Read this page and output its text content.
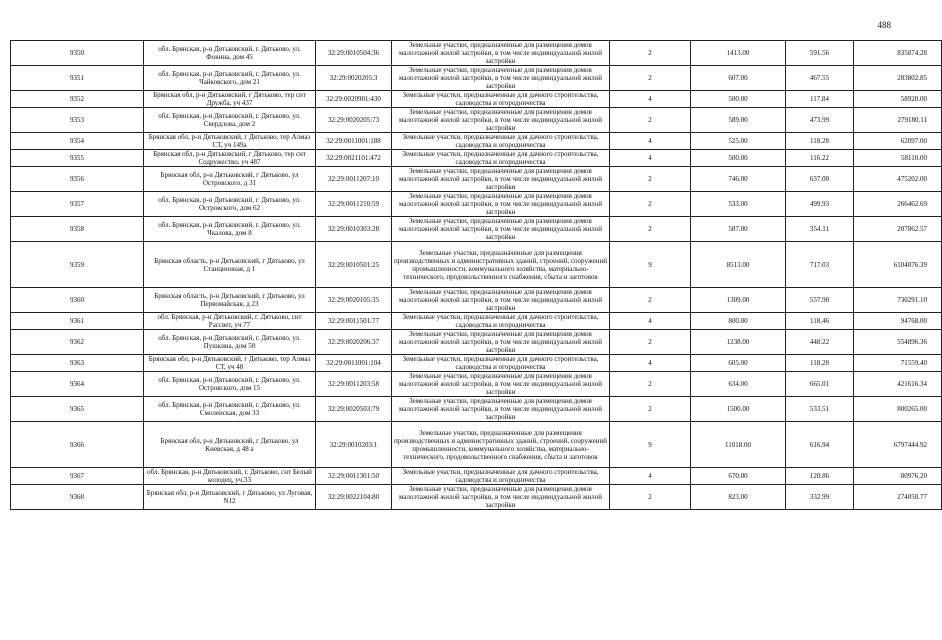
488
9350	обл. Брянская, р-н Дятьковский, г. Дятьково, ул. Фокина, дом 45	32:29:0010504:36	Земельные участки, предназначенные для размещения домов малоэтажной жилой застройки, в том числе индивидуальной жилой застройки	2	1413.00	591.56	835874.28
9351	обл. Брянская, р-н Дятьковский, г. Дятьково, ул. Чайковского, дом 21	32:29:0020205:3	Земельные участки, предназначенные для размещения домов малоэтажной жилой застройки, в том числе индивидуальной жилой застройки	2	607.00	467.55	283802.85
9352	Брянская обл, р-н Дятьковский, г Дятьково, тер снт Дружба, уч 437	32:29:0020901:430	Земельные участки, предназначенные для дачного строительства, садоводства и огородничества	4	500.00	117.84	58920.00
9353	обл. Брянская, р-н Дятьковский, г. Дятьково, ул. Свердлова, дом 2	32:29:0020205:73	Земельные участки, предназначенные для размещения домов малоэтажной жилой застройки, в том числе индивидуальной жилой застройки	2	589.00	473.99	279180.11
9354	Брянская обл, р-н Дятьковский, г Дятьково, тер Алмаз СТ, уч 149а	32:29:0011001:188	Земельные участки, предназначенные для дачного строительства, садоводства и огородничества	4	525.00	118.28	62097.00
9355	Брянская обл, р-н Дятьковский, г Дятьково, тер снт Содружество, уч 487	32:29:0021101:472	Земельные участки, предназначенные для дачного строительства, садоводства и огородничества	4	500.00	116.22	58110.00
9356	Брянская обл, р-н Дятьковский, г Дятьково, ул Островского, д 31	32:29:0011207:10	Земельные участки, предназначенные для размещения домов малоэтажной жилой застройки, в том числе индивидуальной жилой застройки	2	746.00	637.00	475202.00
9357	обл. Брянская, р-н Дятьковский, г. Дятьково, ул. Островского, дом 62	32:29:0011210:59	Земельные участки, предназначенные для размещения домов малоэтажной жилой застройки, в том числе индивидуальной жилой застройки	2	533.00	499.93	266462.69
9358	обл. Брянская, р-н Дятьковский, г. Дятьково, ул. Чкалова, дом 8	32:29:0010303:28	Земельные участки, предназначенные для размещения домов малоэтажной жилой застройки, в том числе индивидуальной жилой застройки	2	587.00	354.11	207862.57
9359	Брянская область, р-н Дятьковский, г Дятьково, ул Станционная, д 1	32:29:0010501:25	Земельные участки, предназначенные для размещения производственных и административных зданий, строений, сооружений промышленности, коммунального хозяйства, материально-технического, продовольственного снабжения, сбыта и заготовок	9	8513.00	717.03	6104076.39
9360	Брянская область, р-н Дятьковский, г Дятьково, ул Первомайская, д 23	32:29:0020105:35	Земельные участки, предназначенные для размещения домов малоэтажной жилой застройки, в том числе индивидуальной жилой застройки	2	1309.00	557.90	730291.10
9361	обл. Брянская, р-н Дятьковский, г. Дятьково, снт Рассвет, уч 77	32:29:0011501:77	Земельные участки, предназначенные для дачного строительства, садоводства и огородничества	4	800.00	118.46	94768.00
9362	обл. Брянская, р-н Дятьковский, г. Дятьково, ул. Пушкина, дом 50	32:29:0020206:37	Земельные участки, предназначенные для размещения домов малоэтажной жилой застройки, в том числе индивидуальной жилой застройки	2	1238.00	448.22	554896.36
9363	Брянская обл, р-н Дятьковский, г Дятьково, тер Алмаз СТ, уч 48	32:29:0011001:104	Земельные участки, предназначенные для дачного строительства, садоводства и огородничества	4	605.00	118.28	71559.40
9364	обл. Брянская, р-н Дятьковский, г. Дятьково, ул. Островского, дом 15	32:29:0011203:58	Земельные участки, предназначенные для размещения домов малоэтажной жилой застройки, в том числе индивидуальной жилой застройки	2	634.00	665.01	421616.34
9365	обл. Брянская, р-н Дятьковский, г. Дятьково, ул. Смоленская, дом 33	32:29:0020503:79	Земельные участки, предназначенные для размещения домов малоэтажной жилой застройки, в том числе индивидуальной жилой застройки	2	1500.00	533.51	800265.00
9366	Брянская обл, р-н Дятьковский, г Дятьково, ул Киевская, д 48 а	32:29:0010203:1	Земельные участки, предназначенные для размещения производственных и административных зданий, строений, сооружений промышленности, коммунального хозяйства, материально-технического, продовольственного снабжения, сбыта и заготовок	9	11018.00	616.94	6797444.92
9367	обл. Брянская, р-н Дятьковский, г. Дятьково, снт Белый колодец, уч.33	32:29:0011301:50	Земельные участки, предназначенные для дачного строительства, садоводства и огородничества	4	670.00	120.86	80976.20
9368	Брянская обл, р-н Дятьковский, г Дятьково, ул Луговая, N12	32:29:0022104:80	Земельные участки, предназначенные для размещения домов малоэтажной жилой застройки, в том числе индивидуальной жилой застройки	2	823.00	332.99	274050.77
